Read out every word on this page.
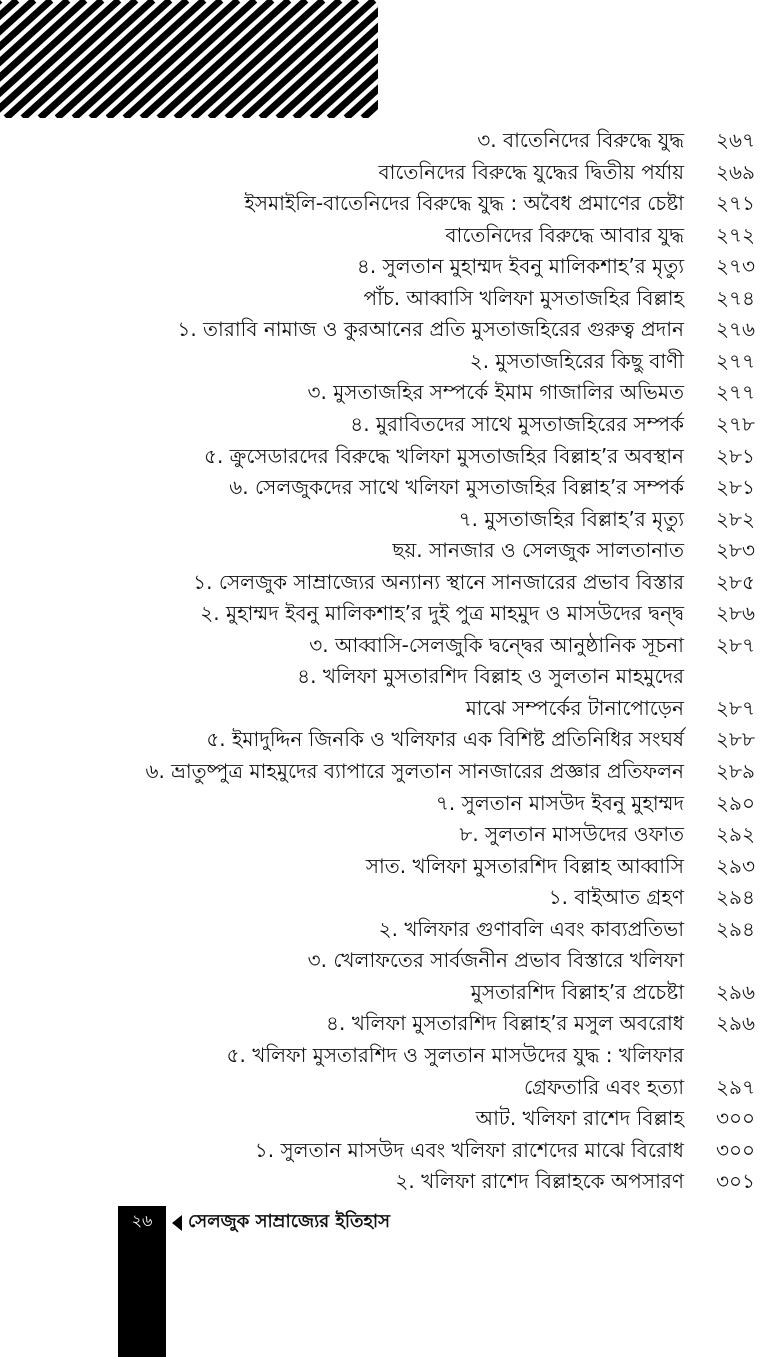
৩. বাতেনিদের বিরুদ্ধে যুদ্ধ ২৬৭
বাতেনিদের বিরুদ্ধে যুদ্ধের দ্বিতীয় পর্যায় ২৬৯
ইসমাইলি-বাতেনিদের বিরুদ্ধে যুদ্ধ : অবৈধ প্রমাণের চেষ্টা ২৭১
বাতেনিদের বিরুদ্ধে আবার যুদ্ধ ২৭২
৪. সুলতান মুহাম্মদ ইবনু মালিকশাহ’র মৃত্যু ২৭৩
পাঁচ. আব্বাসি খলিফা মুসতাজহির বিল্লাহ ২৭৪
১. তারাবি নামাজ ও কুরআনের প্রতি মুসতাজহিরের গুরুত্ব প্রদান ২৭৬
২. মুসতাজহিরের কিছু বাণী ২৭৭
৩. মুসতাজহির সম্পর্কে ইমাম গাজালির অভিমত ২৭৭
৪. মুরাবিতদের সাথে মুসতাজহিরের সম্পর্ক ২৭৮
৫. ক্রুসেডারদের বিরুদ্ধে খলিফা মুসতাজহির বিল্লাহ’র অবস্থান ২৮১
৬. সেলজুকদের সাথে খলিফা মুসতাজহির বিল্লাহ’র সম্পর্ক ২৮১
৭. মুসতাজহির বিল্লাহ’র মৃত্যু ২৮২
ছয়. সানজার ও সেলজুক সালতানাত ২৮৩
১. সেলজুক সাম্রাজ্যের অন্যান্য স্থানে সানজারের প্রভাব বিস্তার ২৮৫
২. মুহাম্মদ ইবনু মালিকশাহ’র দুই পুত্র মাহমুদ ও মাসউদের দ্বন্দ্ব ২৮৬
৩. আব্বাসি-সেলজুকি দ্বন্দ্বের আনুষ্ঠানিক সূচনা ২৮৭
৪. খলিফা মুসতারশিদ বিল্লাহ ও সুলতান মাহমুদের
মাঝে সম্পর্কের টানাপোড়েন ২৮৭
৫. ইমাদুদ্দিন জিনকি ও খলিফার এক বিশিষ্ট প্রতিনিধির সংঘর্ষ ২৮৮
৬. ভ্রাতুষ্পুত্র মাহমুদের ব্যাপারে সুলতান সানজারের প্রজ্ঞার প্রতিফলন ২৮৯
৭. সুলতান মাসউদ ইবনু মুহাম্মদ ২৯০
৮. সুলতান মাসউদের ওফাত ২৯২
সাত. খলিফা মুসতারশিদ বিল্লাহ আব্বাসি ২৯৩
১. বাইআত গ্রহণ ২৯৪
২. খলিফার গুণাবলি এবং কাব্যপ্রতিভা ২৯৪
৩. খেলাফতের সার্বজনীন প্রভাব বিস্তারে খলিফা
মুসতারশিদ বিল্লাহ’র প্রচেষ্টা ২৯৬
৪. খলিফা মুসতারশিদ বিল্লাহ’র মসুল অবরোধ ২৯৬
৫. খলিফা মুসতারশিদ ও সুলতান মাসউদের যুদ্ধ : খলিফার
গ্রেফতারি এবং হত্যা ২৯৭
আট. খলিফা রাশেদ বিল্লাহ ৩০০
১. সুলতান মাসউদ এবং খলিফা রাশেদের মাঝে বিরোধ ৩০০
২. খলিফা রাশেদ বিল্লাহকে অপসারণ ৩০১
২৬	সেলজুক সাম্রাজ্যের ইতিহাস
